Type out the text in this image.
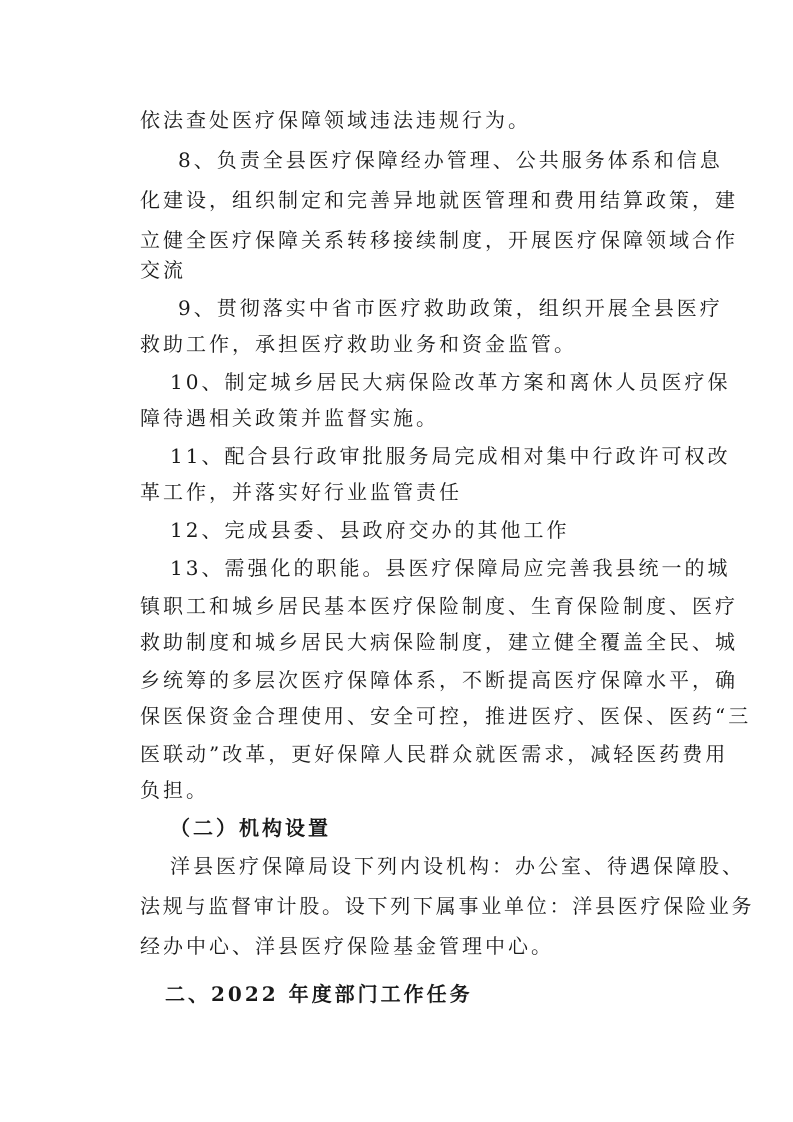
依法查处医疗保障领域违法违规行为。
8、负责全县医疗保障经办管理、公共服务体系和信息
化建设，组织制定和完善异地就医管理和费用结算政策，建
立健全医疗保障关系转移接续制度，开展医疗保障领域合作
交流
9、贯彻落实中省市医疗救助政策，组织开展全县医疗
救助工作，承担医疗救助业务和资金监管。
10、制定城乡居民大病保险改革方案和离休人员医疗保
障待遇相关政策并监督实施。
11、配合县行政审批服务局完成相对集中行政许可权改
革工作，并落实好行业监管责任
12、完成县委、县政府交办的其他工作
13、需强化的职能。县医疗保障局应完善我县统一的城
镇职工和城乡居民基本医疗保险制度、生育保险制度、医疗
救助制度和城乡居民大病保险制度，建立健全覆盖全民、城
乡统筹的多层次医疗保障体系，不断提高医疗保障水平，确
保医保资金合理使用、安全可控，推进医疗、医保、医药“三
医联动”改革，更好保障人民群众就医需求，减轻医药费用
负担。
（二）机构设置
洋县医疗保障局设下列内设机构：办公室、待遇保障股、
法规与监督审计股。设下列下属事业单位：洋县医疗保险业务
经办中心、洋县医疗保险基金管理中心。
二、2022 年度部门工作任务
